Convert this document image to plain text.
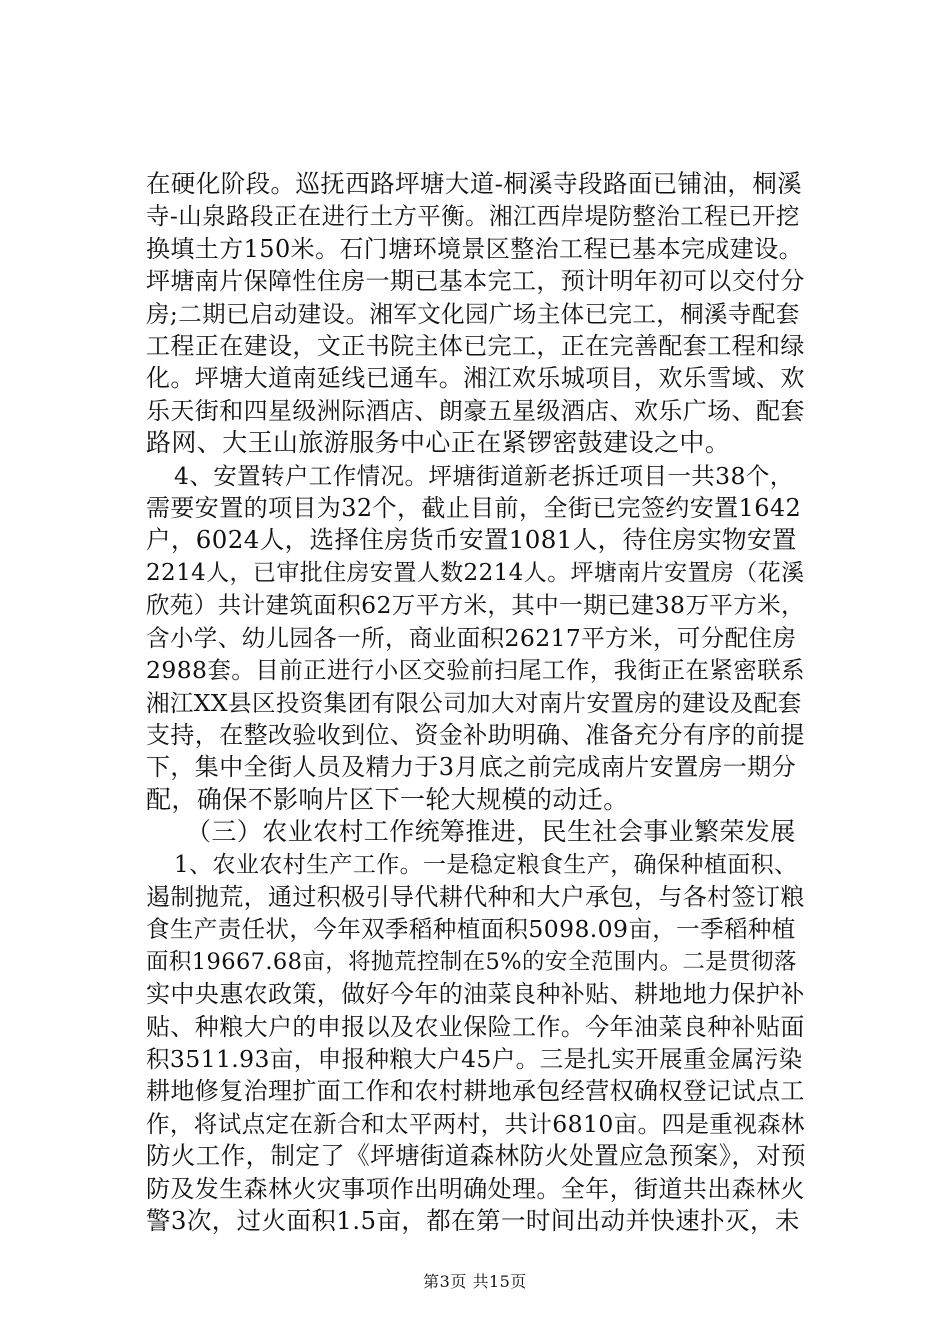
在硬化阶段。巡抚西路坪塘大道-桐溪寺段路面已铺油，桐溪
寺-山泉路段正在进行土方平衡。湘江西岸堤防整治工程已开挖
换填土方150米。石门塘环境景区整治工程已基本完成建设。
坪塘南片保障性住房一期已基本完工，预计明年初可以交付分
房;二期已启动建设。湘军文化园广场主体已完工，桐溪寺配套
工程正在建设，文正书院主体已完工，正在完善配套工程和绿
化。坪塘大道南延线已通车。湘江欢乐城项目，欢乐雪域、欢
乐天街和四星级洲际酒店、朗豪五星级酒店、欢乐广场、配套
路网、大王山旅游服务中心正在紧锣密鼓建设之中。
4、安置转户工作情况。坪塘街道新老拆迁项目一共38个，
需要安置的项目为32个，截止目前，全街已完签约安置1642
户，6024人，选择住房货币安置1081人，待住房实物安置
2214人，已审批住房安置人数2214人。坪塘南片安置房（花溪
欣苑）共计建筑面积62万平方米，其中一期已建38万平方米，
含小学、幼儿园各一所，商业面积26217平方米，可分配住房
2988套。目前正进行小区交验前扫尾工作，我街正在紧密联系
湘江XX县区投资集团有限公司加大对南片安置房的建设及配套
支持，在整改验收到位、资金补助明确、准备充分有序的前提
下，集中全街人员及精力于3月底之前完成南片安置房一期分
配，确保不影响片区下一轮大规模的动迁。
（三）农业农村工作统筹推进，民生社会事业繁荣发展
1、农业农村生产工作。一是稳定粮食生产，确保种植面积、
遏制抛荒，通过积极引导代耕代种和大户承包，与各村签订粮
食生产责任状，今年双季稻种植面积5098.09亩，一季稻种植
面积19667.68亩，将抛荒控制在5%的安全范围内。二是贯彻落
实中央惠农政策，做好今年的油菜良种补贴、耕地地力保护补
贴、种粮大户的申报以及农业保险工作。今年油菜良种补贴面
积3511.93亩，申报种粮大户45户。三是扎实开展重金属污染
耕地修复治理扩面工作和农村耕地承包经营权确权登记试点工
作，将试点定在新合和太平两村，共计6810亩。四是重视森林
防火工作，制定了《坪塘街道森林防火处置应急预案》，对预
防及发生森林火灾事项作出明确处理。全年，街道共出森林火
警3次，过火面积1.5亩，都在第一时间出动并快速扑灭，未
第3页 共15页
